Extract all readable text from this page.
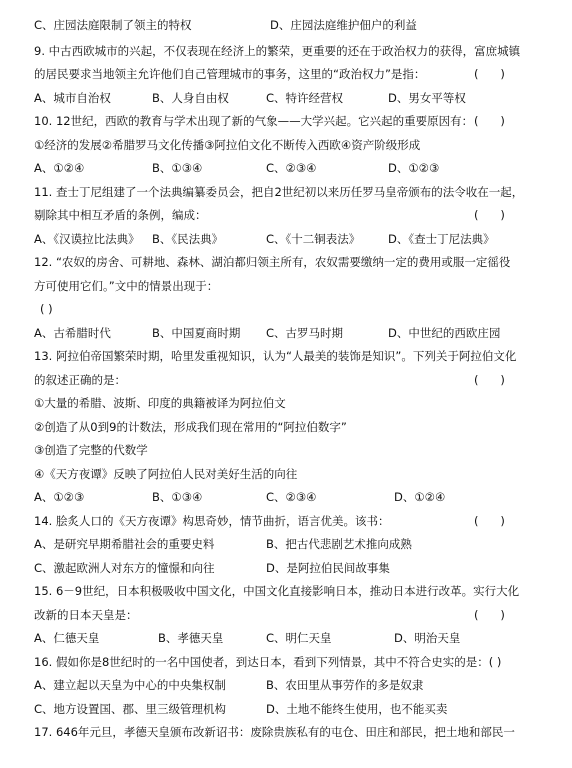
C、庄园法庭限制了领主的特权	D、庄园法庭维护佃户的利益
9. 中古西欧城市的兴起，不仅表现在经济上的繁荣，更重要的还在于政治权力的获得，富庶城镇
的居民要求当地领主允许他们自己管理城市的事务，这里的“政治权力”是指：	(      )
A、城市自治权	B、人身自由权	C、特许经营权	D、男女平等权
10. 12世纪，西欧的教育与学术出现了新的气象——大学兴起。它兴起的重要原因有： (      )
①经济的发展②希腊罗马文化传播③阿拉伯文化不断传入西欧④资产阶级形成
A、①②④	B、①③④	C、②③④	D、①②③
11. 查士丁尼组建了一个法典编纂委员会，把自2世纪初以来历任罗马皇帝颁布的法令收在一起，
剔除其中相互矛盾的条例，编成：	(      )
A、《汉谟拉比法典》 B、《民法典》	C、《十二铜表法》 D、《查士丁尼法典》
12. “农奴的房舍、可耕地、森林、湖泊都归领主所有，农奴需要缴纳一定的费用或服一定徭役
方可使用它们。”文中的情景出现于：
( )
A、古希腊时代	B、中国夏商时期 C、古罗马时期	D、中世纪的西欧庄园
13. 阿拉伯帝国繁荣时期，哈里发重视知识，认为“人最美的装饰是知识”。下列关于阿拉伯文化
的叙述正确的是：	(      )
①大量的希腊、波斯、印度的典籍被译为阿拉伯文
②创造了从0到9的计数法，形成我们现在常用的“阿拉伯数字”
③创造了完整的代数学
④《天方夜谭》反映了阿拉伯人民对美好生活的向往
A、①②③	B、①③④	C、②③④	D、①②④
14. 脍炙人口的《天方夜谭》构思奇妙，情节曲折，语言优美。该书：	(      )
A、是研究早期希腊社会的重要史料	B、把古代悲剧艺术推向成熟
C、激起欧洲人对东方的憧憬和向往	D、是阿拉伯民间故事集
15. 6－9世纪，日本积极吸收中国文化，中国文化直接影响日本，推动日本进行改革。实行大化
改新的日本天皇是：	(      )
A、仁德天皇	B、孝德天皇	C、明仁天皇	D、明治天皇
16. 假如你是8世纪时的一名中国使者，到达日本，看到下列情景，其中不符合史实的是：( )
A、建立起以天皇为中心的中央集权制	B、农田里从事劳作的多是奴隶
C、地方设置国、郡、里三级管理机构	D、土地不能终生使用，也不能买卖
17. 646年元旦，孝德天皇颁布改新诏书：废除贵族私有的屯仓、田庄和部民，把土地和部民一
